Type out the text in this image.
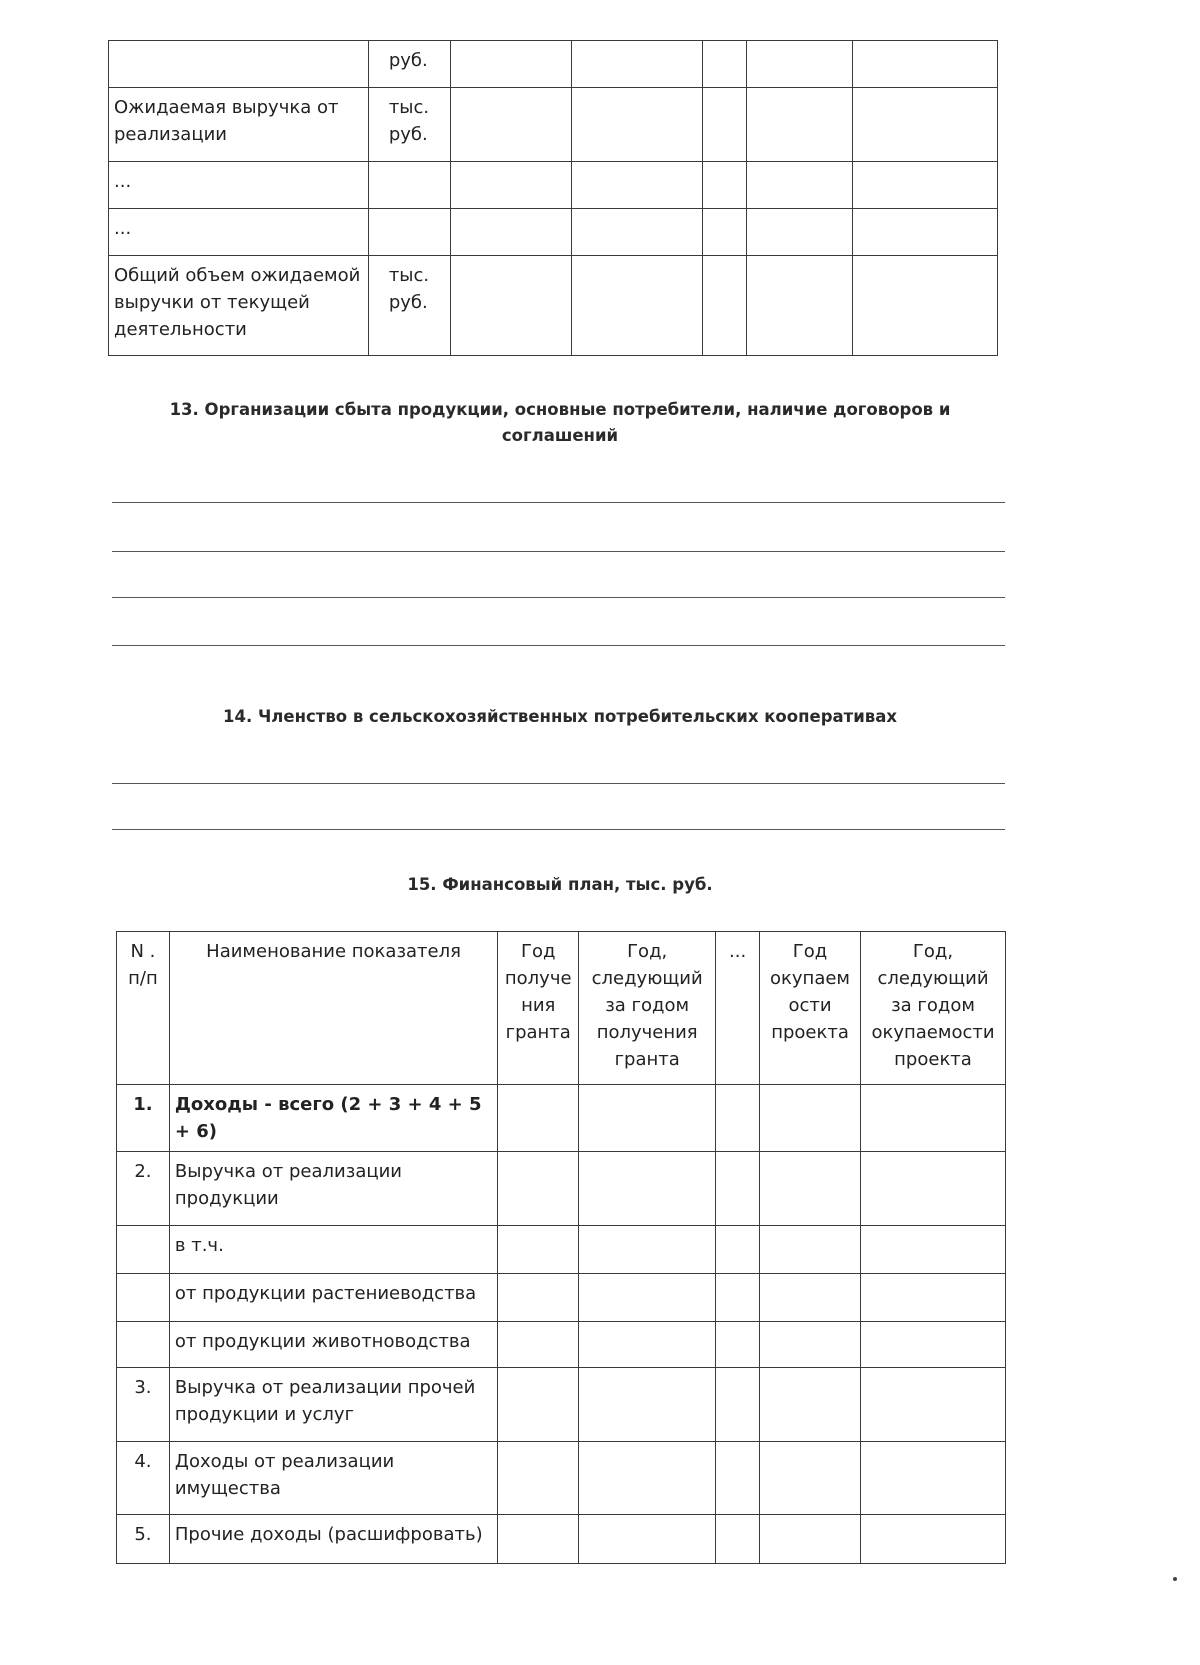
	руб.					
Ожидаемая выручка от реализации	тыс. руб.					
...						
...						
Общий объем ожидаемой выручки от текущей деятельности	тыс. руб.					
13. Организации сбыта продукции, основные потребители, наличие договоров и соглашений
14. Членство в сельскохозяйственных потребительских кооперативах
15. Финансовый план, тыс. руб.
N . п/п	Наименование показателя	Год получе ния гранта	Год, следующий за годом получения гранта	...	Год окупаем ости проекта	Год, следующий за годом окупаемости проекта
1.	Доходы - всего (2 + 3 + 4 + 5 + 6)					
2.	Выручка от реализации продукции					
	в т.ч.					
	от продукции растениеводства					
	от продукции животноводства					
3.	Выручка от реализации прочей продукции и услуг					
4.	Доходы от реализации имущества					
5.	Прочие доходы (расшифровать)					
